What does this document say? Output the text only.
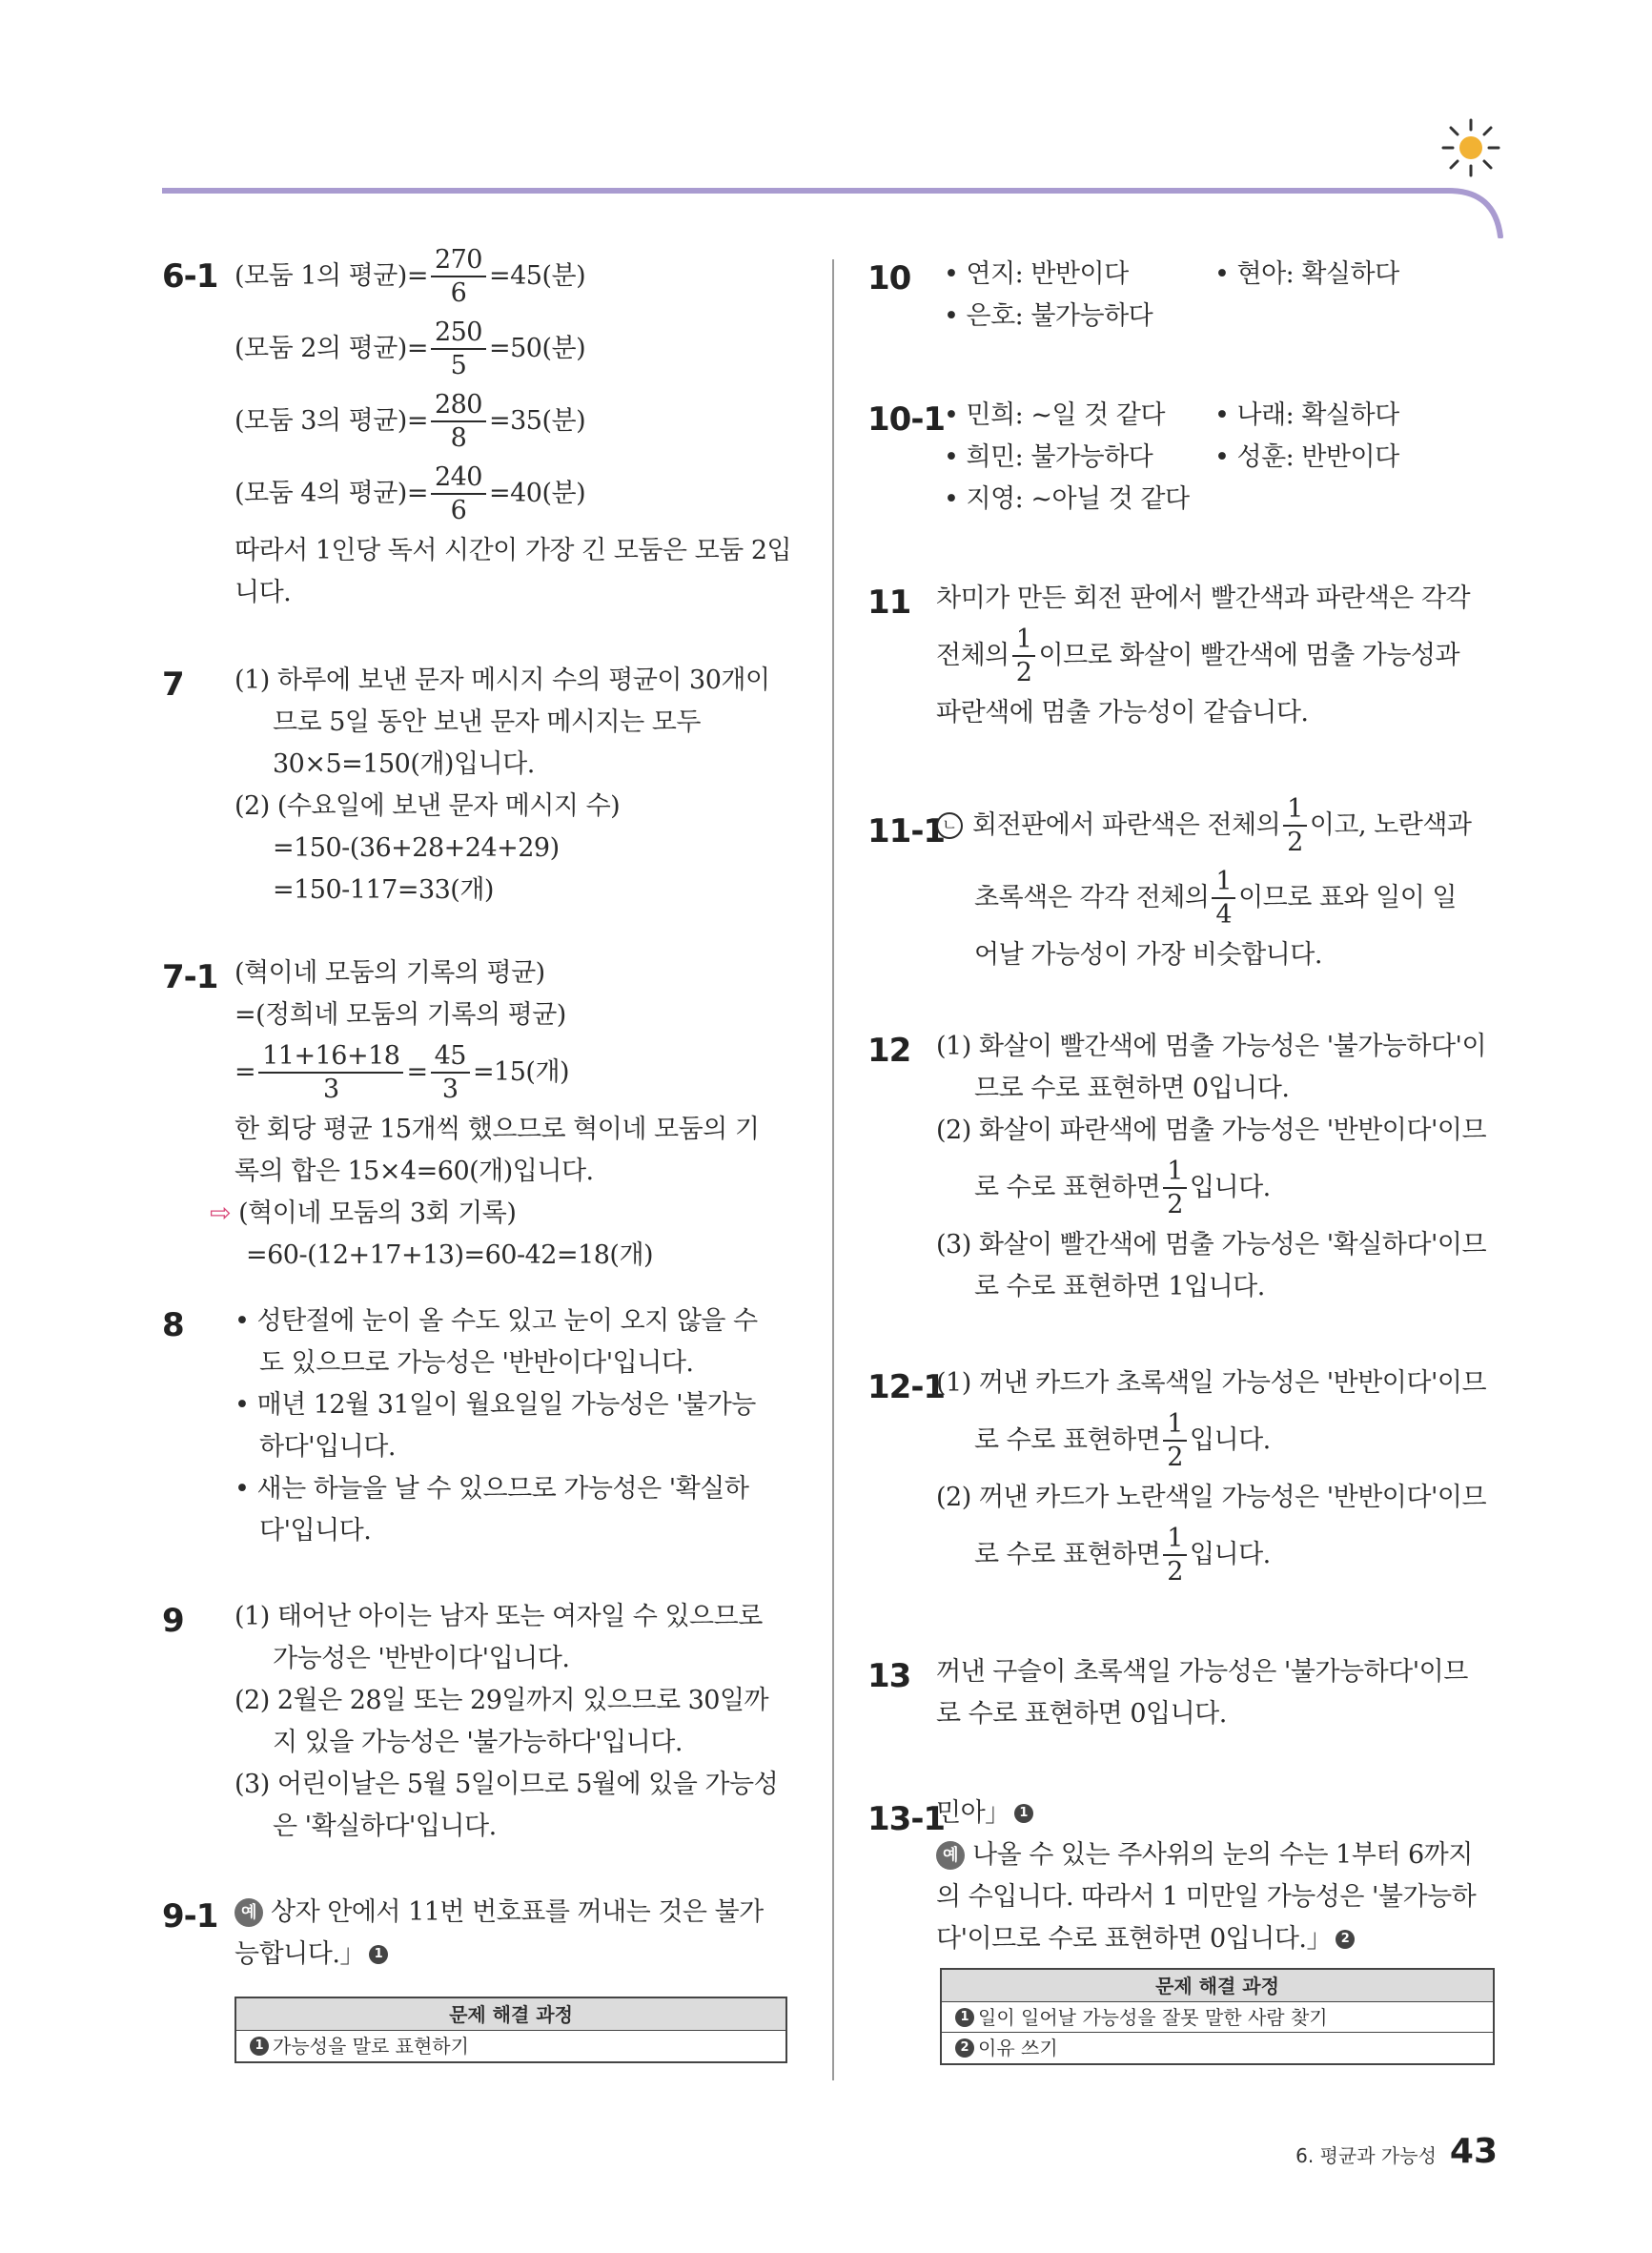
6-1 (모둠 1의 평균)= $\frac{270}{6} =45$(분)
(모둠 2의 평균)= $\frac{250}{5} =50$(분)
(모둠 3의 평균)= $\frac{280}{8} =35$(분)
(모둠 4의 평균)= $\frac{240}{6} =40$(분)
따라서 1인당 독서 시간이 가장 긴 모둠은 모둠 2입
니다.
7 (1) 하루에 보낸 문자 메시지 수의 평균이 30개이
므로 5일 동안 보낸 문자 메시지는 모두
30×5=150(개)입니다.
(2) (수요일에 보낸 문자 메시지 수)
=150-(36+28+24+29)
=150-117=33(개)
7-1 (혁이네 모둠의 기록의 평균)
=(정희네 모둠의 기록의 평균)
= $\frac{11+16+18}{3} = \frac{45}{3} =15$(개)
한 회당 평균 15개씩 했으므로 혁이네 모둠의 기
록의 합은 15×4=60(개)입니다.
⇨ (혁이네 모둠의 3회 기록)
=60-(12+17+13)=60-42=18(개)
8 • 성탄절에 눈이 올 수도 있고 눈이 오지 않을 수
도 있으므로 가능성은 '반반이다'입니다.
• 매년 12월 31일이 월요일일 가능성은 '불가능
하다'입니다.
• 새는 하늘을 날 수 있으므로 가능성은 '확실하
다'입니다.
9 (1) 태어난 아이는 남자 또는 여자일 수 있으므로
가능성은 '반반이다'입니다.
(2) 2월은 28일 또는 29일까지 있으므로 30일까
지 있을 가능성은 '불가능하다'입니다.
(3) 어린이날은 5월 5일이므로 5월에 있을 가능성
은 '확실하다'입니다.
9-1	예 상자 안에서 11번 번호표를 꺼내는 것은 불가
능합니다.」 1
문제 해결 과정
1 가능성을 말로 표현하기
10 • 연지: 반반이다	• 현아: 확실하다
• 은호: 불가능하다
10-1
• 민희: ~일 것 같다	• 나래: 확실하다
• 희민: 불가능하다	• 성훈: 반반이다
• 지영: ~아닐 것 같다
11 차미가 만든 회전 판에서 빨간색과 파란색은 각각
전체의 $\frac{1}{2}$ 이므로 화살이 빨간색에 멈출 가능성과
파란색에 멈출 가능성이 같습니다.
11-1
ㄴ 회전판에서 파란색은 전체의 $\frac{1}{2}$ 이고, 노란색과
초록색은 각각 전체의 $\frac{1}{4}$ 이므로 표와 일이 일
어날 가능성이 가장 비슷합니다.
12 (1) 화살이 빨간색에 멈출 가능성은 '불가능하다'이
므로 수로 표현하면 0입니다.
(2) 화살이 파란색에 멈출 가능성은 '반반이다'이므
로 수로 표현하면 $\frac{1}{2}$ 입니다.
(3) 화살이 빨간색에 멈출 가능성은 '확실하다'이므
로 수로 표현하면 1입니다.
12-1
(1) 꺼낸 카드가 초록색일 가능성은 '반반이다'이므
로 수로 표현하면 $\frac{1}{2}$ 입니다.
(2) 꺼낸 카드가 노란색일 가능성은 '반반이다'이므
로 수로 표현하면 $\frac{1}{2}$ 입니다.
13 꺼낸 구슬이 초록색일 가능성은 '불가능하다'이므
로 수로 표현하면 0입니다.
13-1
민아」 1
예 나올 수 있는 주사위의 눈의 수는 1부터 6까지
의 수입니다. 따라서 1 미만일 가능성은 '불가능하
다'이므로 수로 표현하면 0입니다.」 2
문제 해결 과정
1 일이 일어날 가능성을 잘못 말한 사람 찾기
2 이유 쓰기
6. 평균과 가능성 43
